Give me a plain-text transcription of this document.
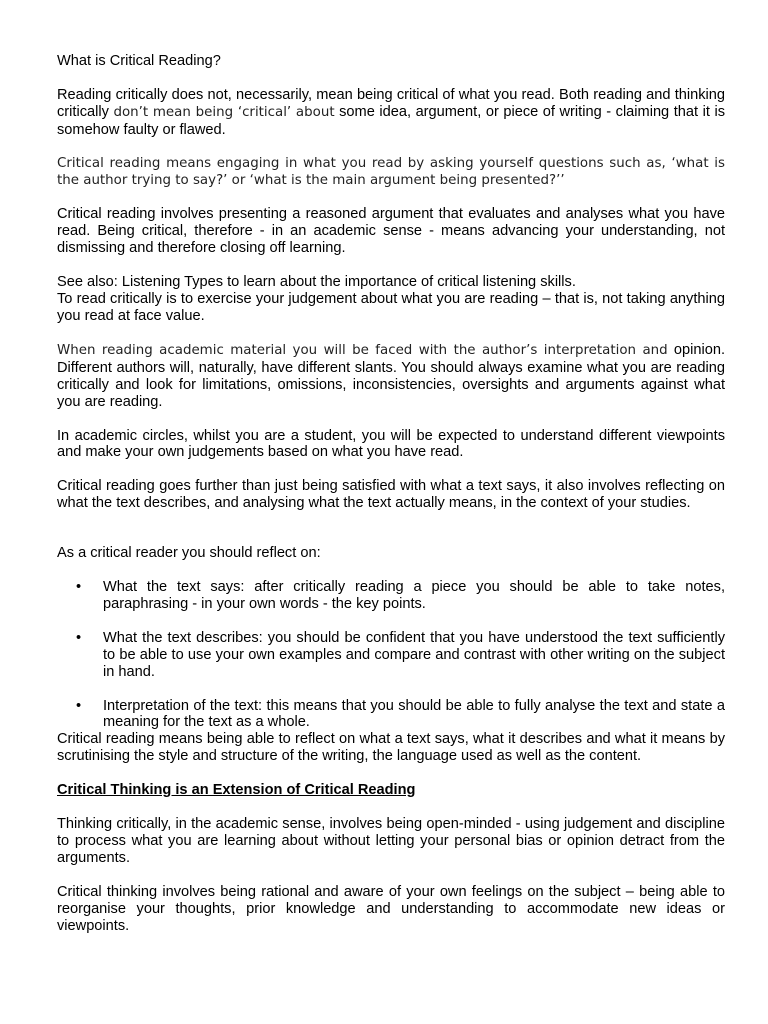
What is Critical Reading?

Reading critically does not, necessarily, mean being critical of what you read. Both reading and thinking critically don’t mean being ‘critical’ about some idea, argument, or piece of writing - claiming that it is somehow faulty or flawed.

Critical reading means engaging in what you read by asking yourself questions such as, ‘what is the author trying to say?’ or ‘what is the main argument being presented?’’

Critical reading involves presenting a reasoned argument that evaluates and analyses what you have read. Being critical, therefore - in an academic sense - means advancing your understanding, not dismissing and therefore closing off learning.

See also: Listening Types to learn about the importance of critical listening skills.

To read critically is to exercise your judgement about what you are reading – that is, not taking anything you read at face value.

When reading academic material you will be faced with the author’s interpretation and opinion. Different authors will, naturally, have different slants. You should always examine what you are reading critically and look for limitations, omissions, inconsistencies, oversights and arguments against what you are reading.

In academic circles, whilst you are a student, you will be expected to understand different viewpoints and make your own judgements based on what you have read.

Critical reading goes further than just being satisfied with what a text says, it also involves reflecting on what the text describes, and analysing what the text actually means, in the context of your studies.

As a critical reader you should reflect on:

• What the text says: after critically reading a piece you should be able to take notes, paraphrasing - in your own words - the key points.
• What the text describes: you should be confident that you have understood the text sufficiently to be able to use your own examples and compare and contrast with other writing on the subject in hand.
• Interpretation of the text: this means that you should be able to fully analyse the text and state a meaning for the text as a whole.

Critical reading means being able to reflect on what a text says, what it describes and what it means by scrutinising the style and structure of the writing, the language used as well as the content.

Critical Thinking is an Extension of Critical Reading

Thinking critically, in the academic sense, involves being open-minded - using judgement and discipline to process what you are learning about without letting your personal bias or opinion detract from the arguments.

Critical thinking involves being rational and aware of your own feelings on the subject – being able to reorganise your thoughts, prior knowledge and understanding to accommodate new ideas or viewpoints.
